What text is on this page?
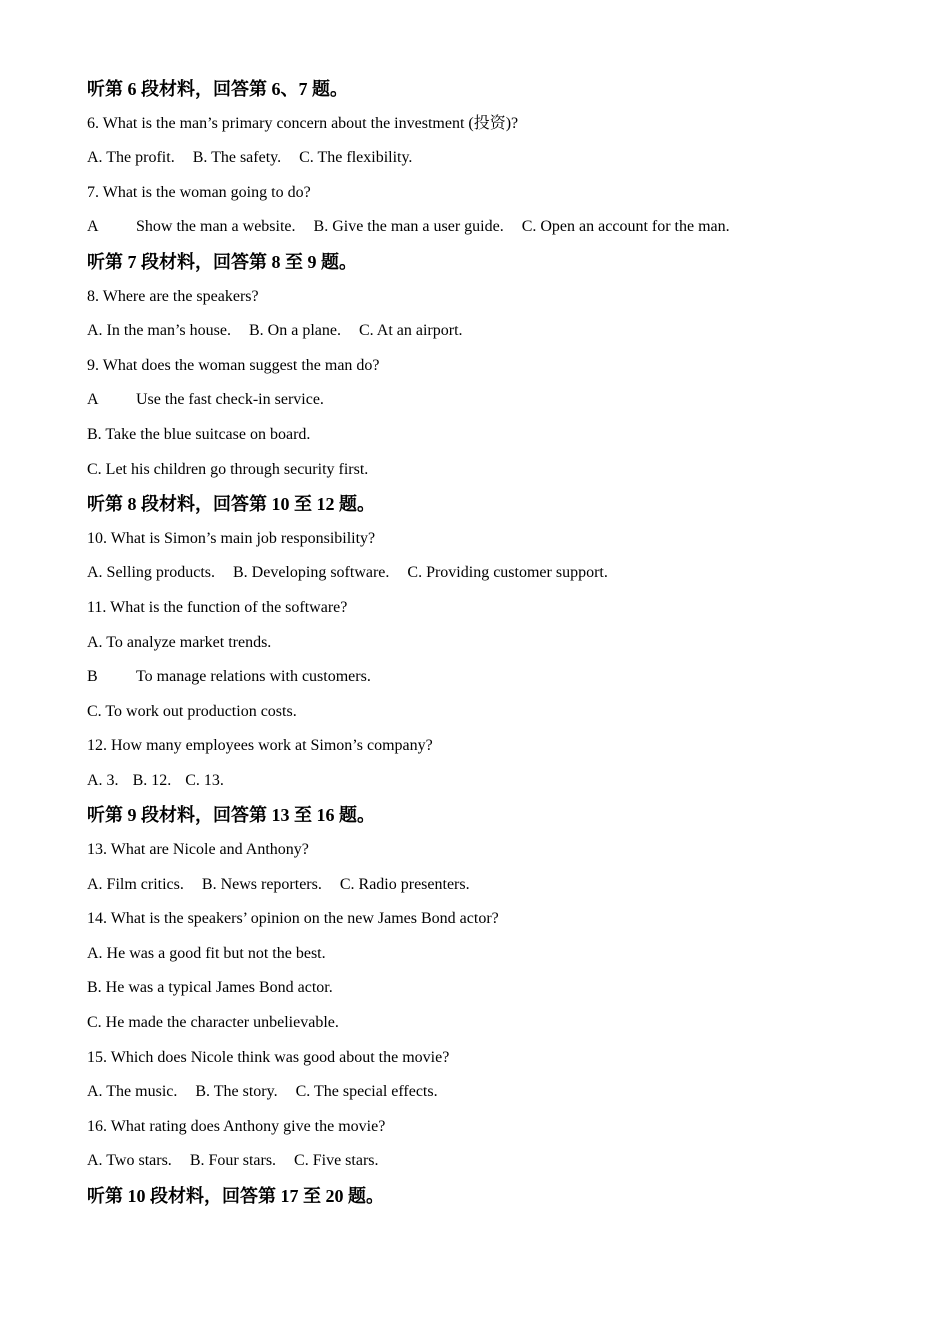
听第 6 段材料，回答第 6、7 题。
6. What is the man’s primary concern about the investment (投资)?
A. The profit. B. The safety. C. The flexibility.
7. What is the woman going to do?
A Show the man a website. B. Give the man a user guide. C. Open an account for the man.
听第 7 段材料，回答第 8 至 9 题。
8. Where are the speakers?
A. In the man’s house. B. On a plane. C. At an airport.
9. What does the woman suggest the man do?
A Use the fast check-in service.
B. Take the blue suitcase on board.
C. Let his children go through security first.
听第 8 段材料，回答第 10 至 12 题。
10. What is Simon’s main job responsibility?
A. Selling products. B. Developing software. C. Providing customer support.
11. What is the function of the software?
A. To analyze market trends.
B To manage relations with customers.
C. To work out production costs.
12. How many employees work at Simon’s company?
A. 3. B. 12. C. 13.
听第 9 段材料，回答第 13 至 16 题。
13. What are Nicole and Anthony?
A. Film critics. B. News reporters. C. Radio presenters.
14. What is the speakers’ opinion on the new James Bond actor?
A. He was a good fit but not the best.
B. He was a typical James Bond actor.
C. He made the character unbelievable.
15. Which does Nicole think was good about the movie?
A. The music. B. The story. C. The special effects.
16. What rating does Anthony give the movie?
A. Two stars. B. Four stars. C. Five stars.
听第 10 段材料，回答第 17 至 20 题。
